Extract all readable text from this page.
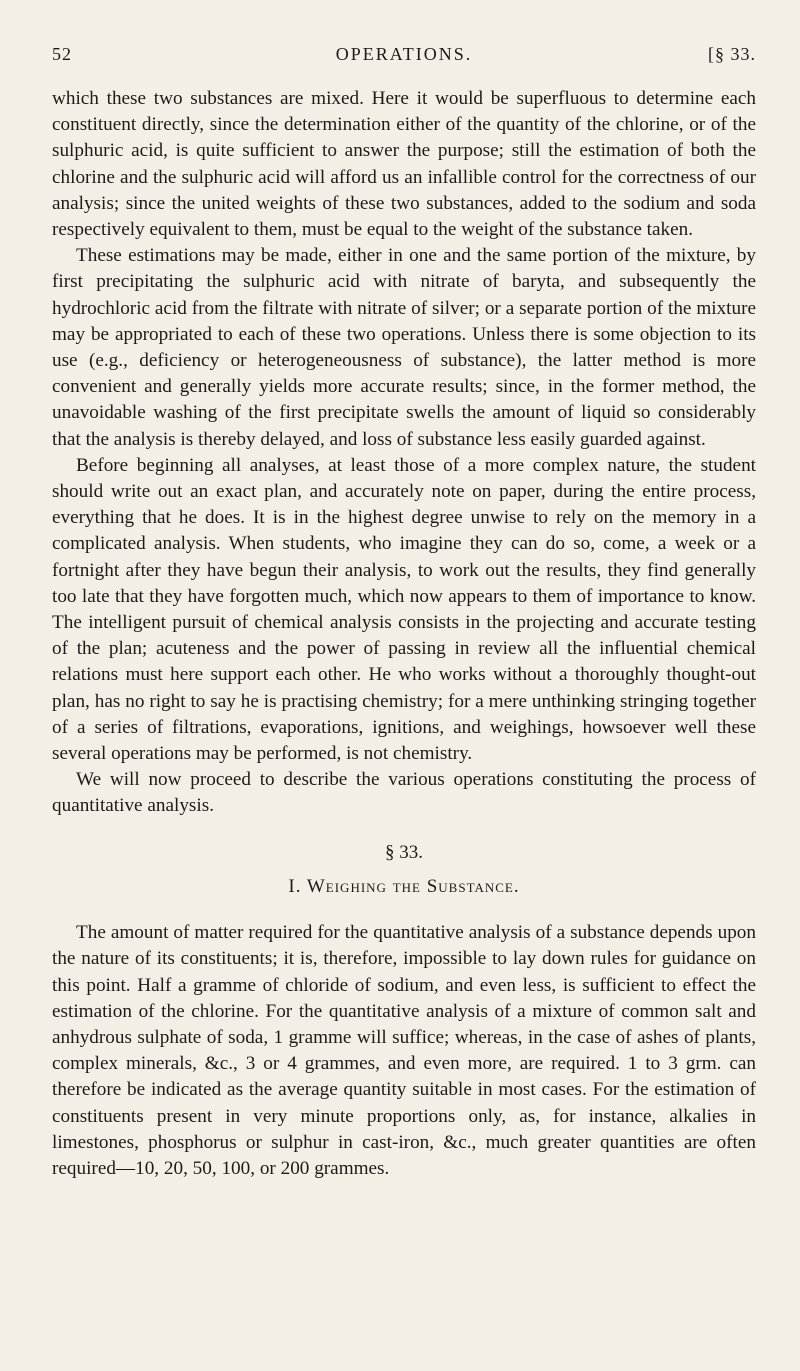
52	OPERATIONS.	[§ 33.

which these two substances are mixed. Here it would be superfluous to determine each constituent directly, since the determination either of the quantity of the chlorine, or of the sulphuric acid, is quite sufficient to answer the purpose; still the estimation of both the chlorine and the sulphuric acid will afford us an infallible control for the correctness of our analysis; since the united weights of these two substances, added to the sodium and soda respectively equivalent to them, must be equal to the weight of the substance taken.

These estimations may be made, either in one and the same portion of the mixture, by first precipitating the sulphuric acid with nitrate of baryta, and subsequently the hydrochloric acid from the filtrate with nitrate of silver; or a separate portion of the mixture may be appropriated to each of these two operations. Unless there is some objection to its use (e.g., deficiency or heterogeneousness of substance), the latter method is more convenient and generally yields more accurate results; since, in the former method, the unavoidable washing of the first precipitate swells the amount of liquid so considerably that the analysis is thereby delayed, and loss of substance less easily guarded against.

Before beginning all analyses, at least those of a more complex nature, the student should write out an exact plan, and accurately note on paper, during the entire process, everything that he does. It is in the highest degree unwise to rely on the memory in a complicated analysis. When students, who imagine they can do so, come, a week or a fortnight after they have begun their analysis, to work out the results, they find generally too late that they have forgotten much, which now appears to them of importance to know. The intelligent pursuit of chemical analysis consists in the projecting and accurate testing of the plan; acuteness and the power of passing in review all the influential chemical relations must here support each other. He who works without a thoroughly thought-out plan, has no right to say he is practising chemistry; for a mere unthinking stringing together of a series of filtrations, evaporations, ignitions, and weighings, howsoever well these several operations may be performed, is not chemistry.

We will now proceed to describe the various operations constituting the process of quantitative analysis.

§ 33.
I. Weighing the Substance.

The amount of matter required for the quantitative analysis of a substance depends upon the nature of its constituents; it is, therefore, impossible to lay down rules for guidance on this point. Half a gramme of chloride of sodium, and even less, is sufficient to effect the estimation of the chlorine. For the quantitative analysis of a mixture of common salt and anhydrous sulphate of soda, 1 gramme will suffice; whereas, in the case of ashes of plants, complex minerals, &c., 3 or 4 grammes, and even more, are required. 1 to 3 grm. can therefore be indicated as the average quantity suitable in most cases. For the estimation of constituents present in very minute proportions only, as, for instance, alkalies in limestones, phosphorus or sulphur in cast-iron, &c., much greater quantities are often required—10, 20, 50, 100, or 200 grammes.
